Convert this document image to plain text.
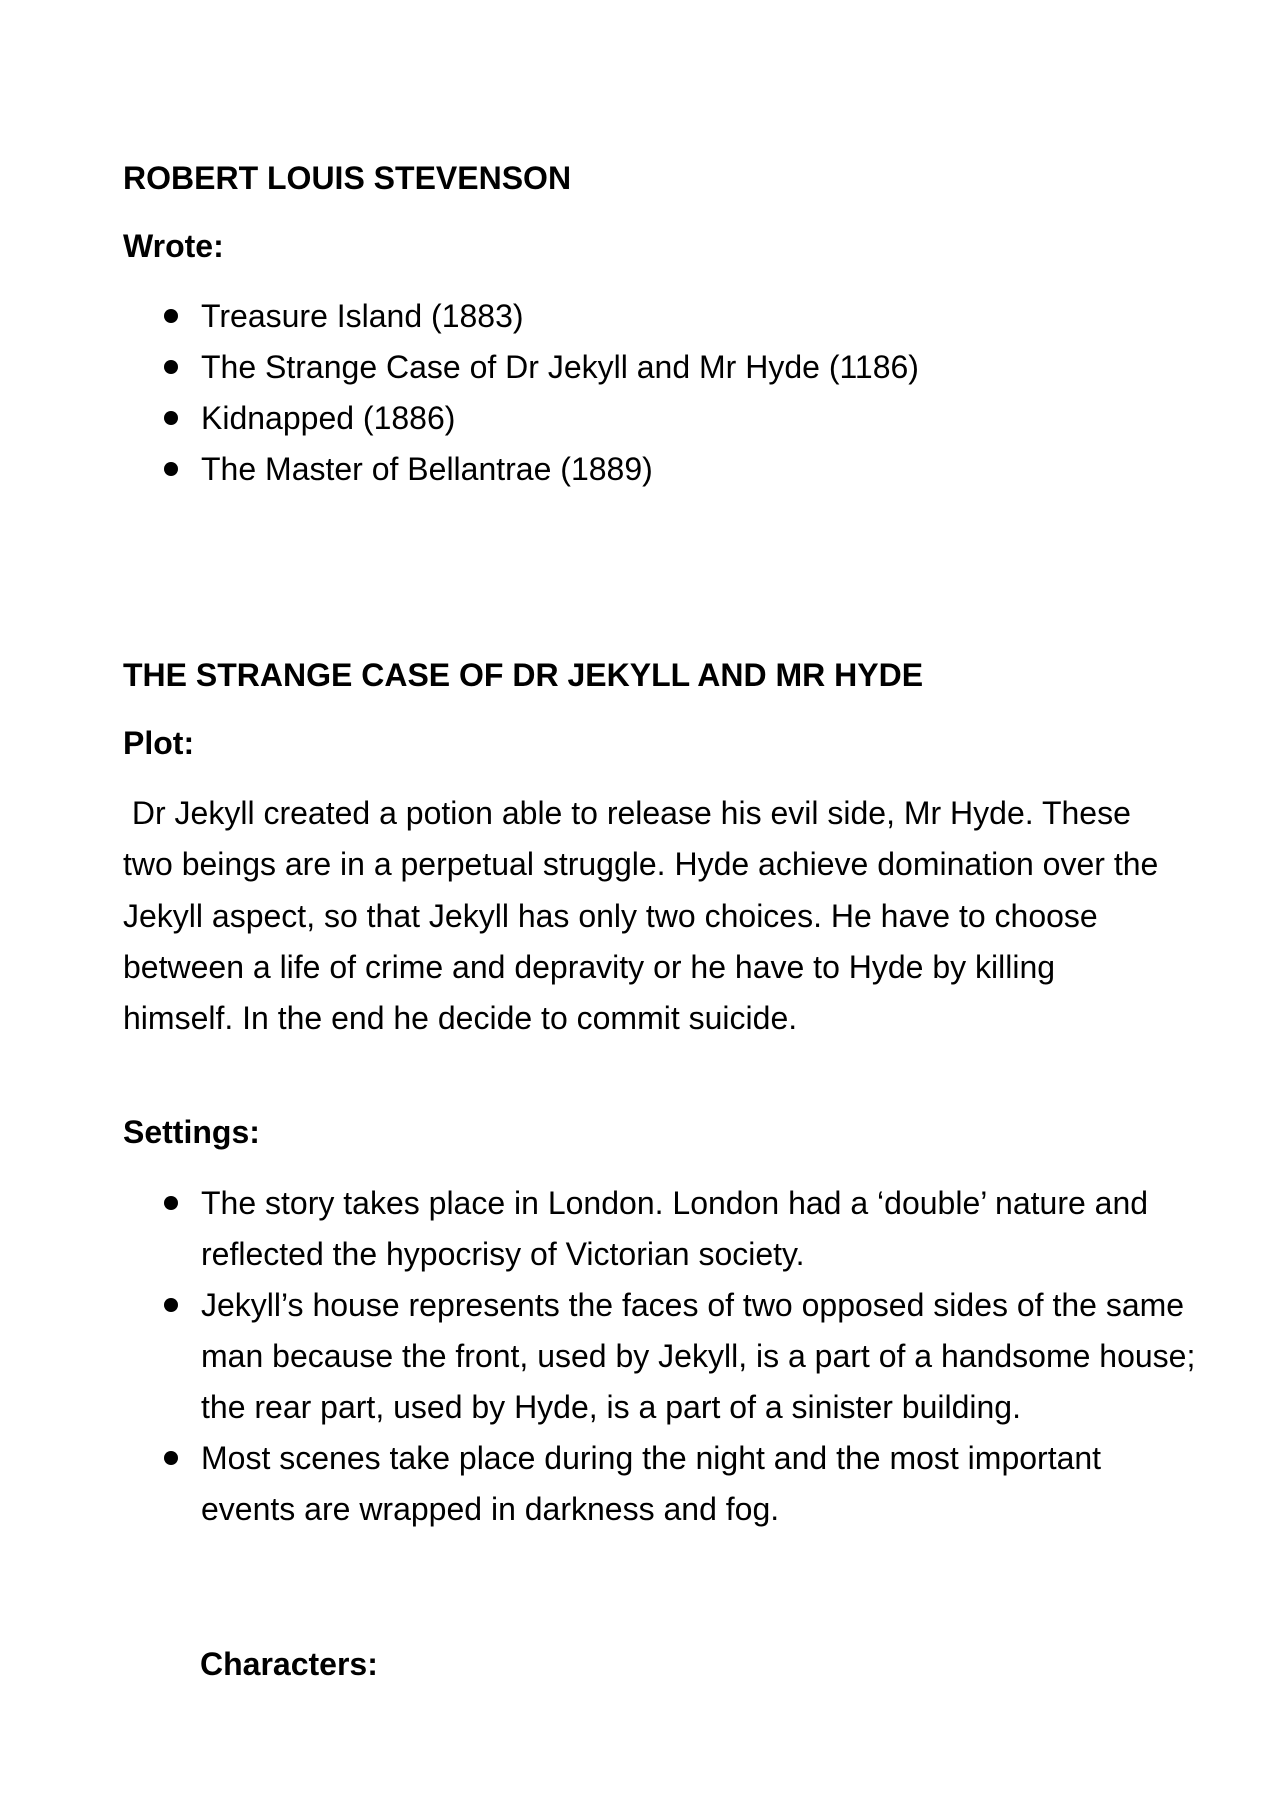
ROBERT LOUIS STEVENSON
Wrote:
Treasure Island (1883)
The Strange Case of Dr Jekyll and Mr Hyde (1186)
Kidnapped (1886)
The Master of Bellantrae (1889)
THE STRANGE CASE OF DR JEKYLL AND MR HYDE
Plot:

Dr Jekyll created a potion able to release his evil side, Mr Hyde. These two beings are in a perpetual struggle. Hyde achieve domination over the Jekyll aspect, so that Jekyll has only two choices. He have to choose between a life of crime and depravity or he have to Hyde by killing himself. In the end he decide to commit suicide.

Settings:
The story takes place in London. London had a ‘double’ nature and reflected the hypocrisy of Victorian society.
Jekyll’s house represents the faces of two opposed sides of the same man because the front, used by Jekyll, is a part of a handsome house; the rear part, used by Hyde, is a part of a sinister building.
Most scenes take place during the night and the most important events are wrapped in darkness and fog.
Characters:
